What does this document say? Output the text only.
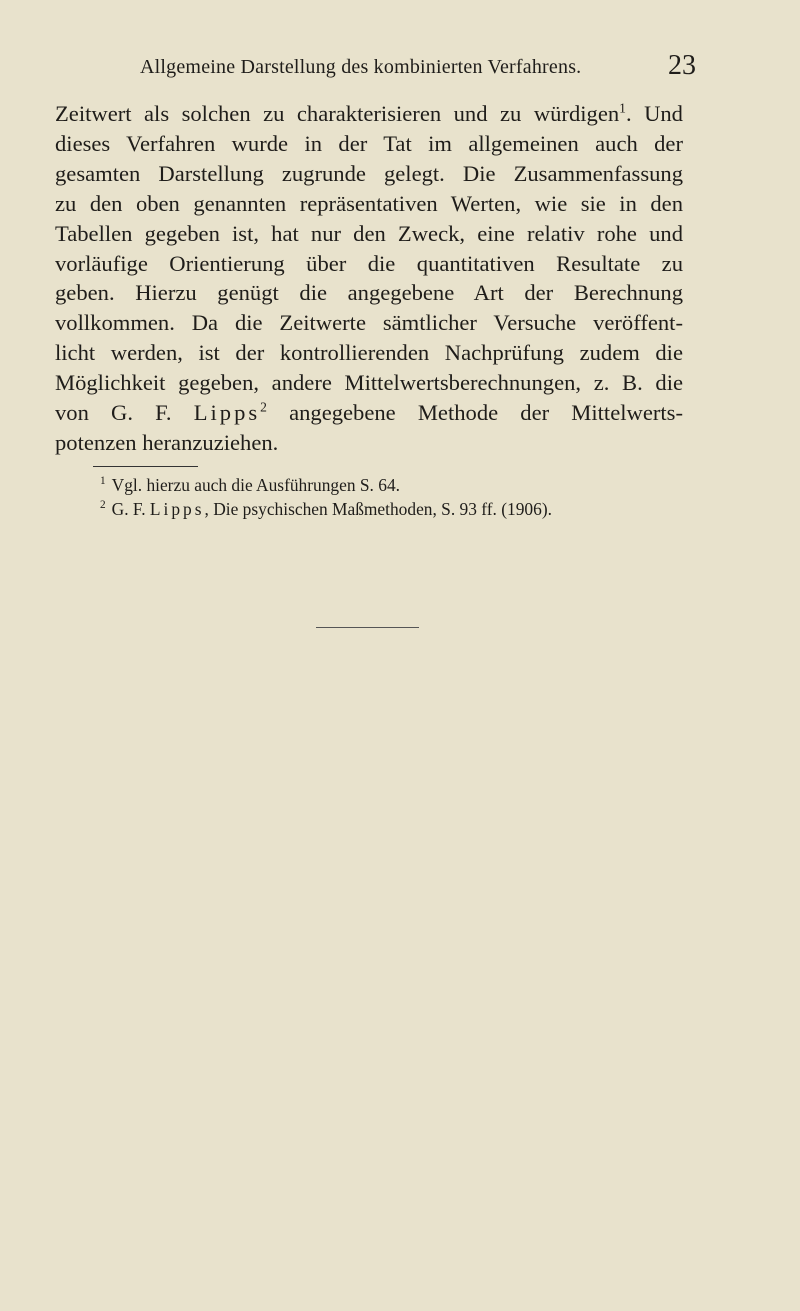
Allgemeine Darstellung des kombinierten Verfahrens.	23
Zeitwert als solchen zu charakterisieren und zu würdigen$^1$. Und
dieses Verfahren wurde in der Tat im allgemeinen auch der
gesamten Darstellung zugrunde gelegt. Die Zusammenfassung
zu den oben genannten repräsentativen Werten, wie sie in den
Tabellen gegeben ist, hat nur den Zweck, eine relativ rohe und
vorläufige Orientierung über die quantitativen Resultate zu
geben. Hierzu genügt die angegebene Art der Berechnung
vollkommen. Da die Zeitwerte sämtlicher Versuche veröffent-
licht werden, ist der kontrollierenden Nachprüfung zudem die
Möglichkeit gegeben, andere Mittelwertsberechnungen, z. B. die
von G. F. Lipps$^2$ angegebene Methode der Mittelwerts-
potenzen heranzuziehen.
$^1$ Vgl. hierzu auch die Ausführungen S. 64.
$^2$ G. F. Lipps, Die psychischen Maßmethoden, S. 93 ff. (1906).
